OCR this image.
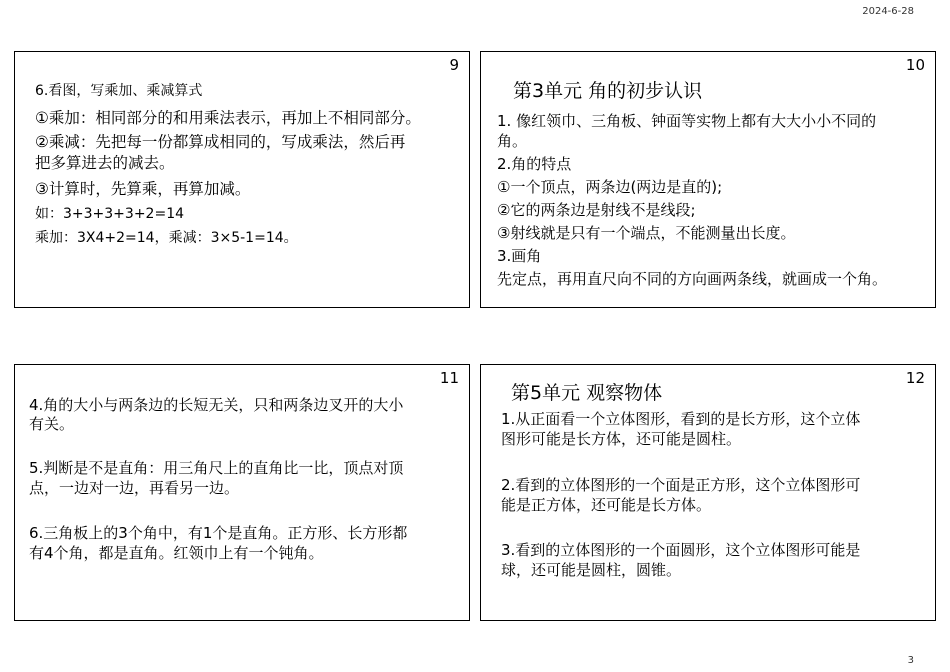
2024-6-28
9
6.看图，写乘加、乘减算式
①乘加：相同部分的和用乘法表示，再加上不相同部分。
②乘减：先把每一份都算成相同的，写成乘法，然后再
把多算进去的减去。
③计算时，先算乘，再算加减。
如：3+3+3+3+2=14
乘加：3X4+2=14，乘减：3×5-1=14。
10
第3单元 角的初步认识
1. 像红领巾、三角板、钟面等实物上都有大大小小不同的
角。
2.角的特点
①一个顶点，两条边(两边是直的);
②它的两条边是射线不是线段;
③射线就是只有一个端点，不能测量出长度。
3.画角
先定点，再用直尺向不同的方向画两条线，就画成一个角。
11
4.角的大小与两条边的长短无关，只和两条边叉开的大小
有关。
5.判断是不是直角：用三角尺上的直角比一比，顶点对顶
点，一边对一边，再看另一边。
6.三角板上的3个角中，有1个是直角。正方形、长方形都
有4个角，都是直角。红领巾上有一个钝角。
12
第5单元 观察物体
1.从正面看一个立体图形，看到的是长方形，这个立体
图形可能是长方体，还可能是圆柱。
2.看到的立体图形的一个面是正方形，这个立体图形可
能是正方体，还可能是长方体。
3.看到的立体图形的一个面圆形，这个立体图形可能是
球，还可能是圆柱，圆锥。
3
